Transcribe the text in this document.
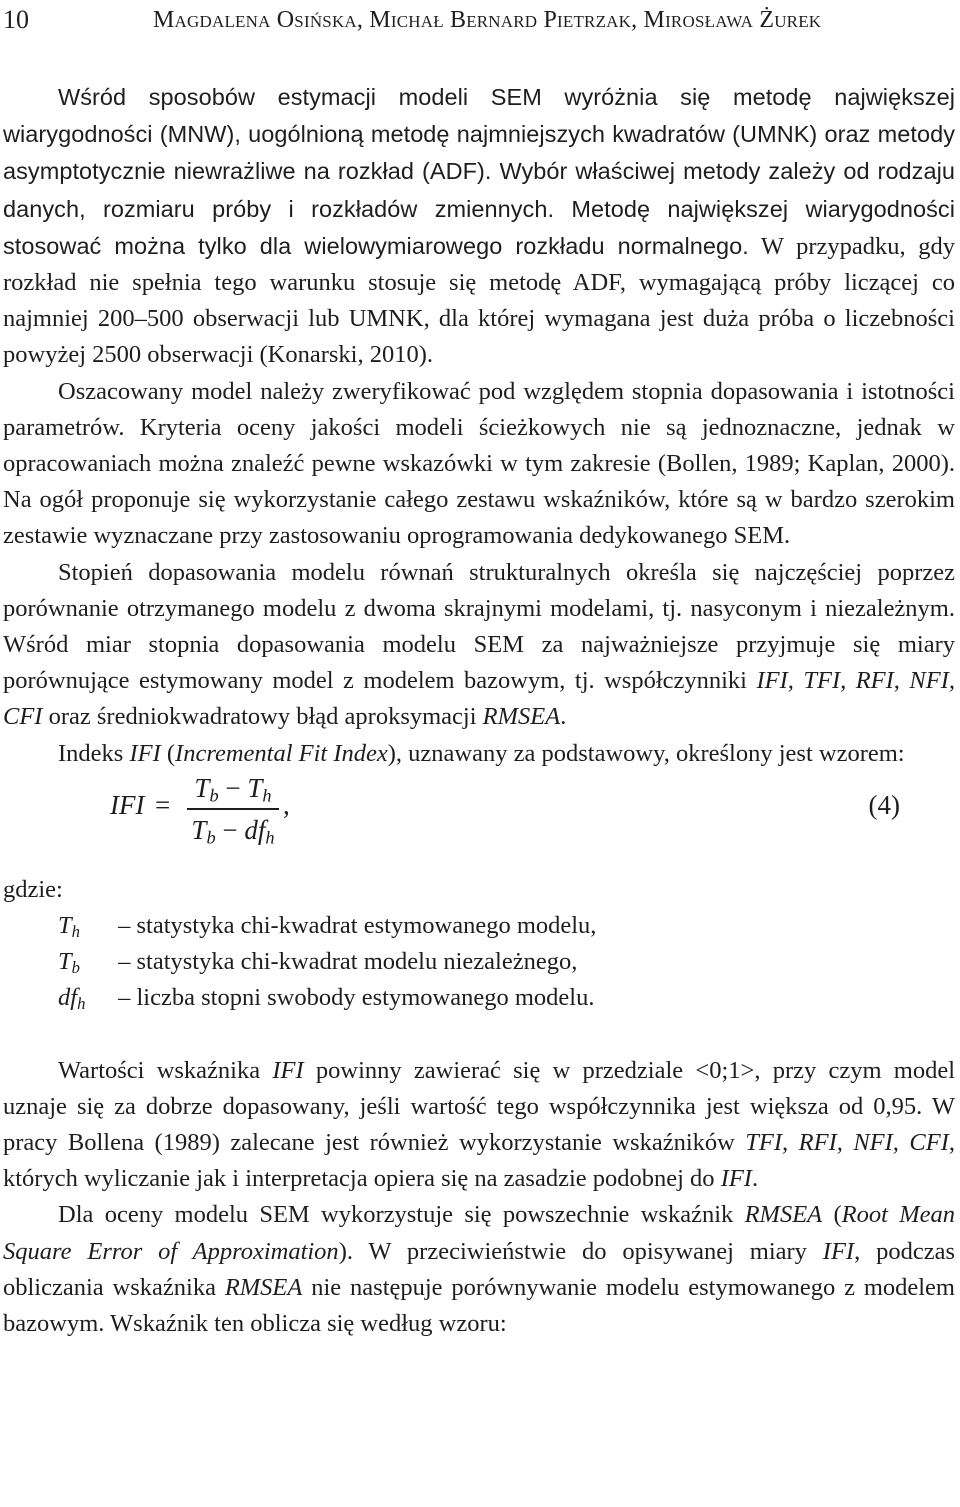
10	Magdalena Osińska, Michał Bernard Pietrzak, Mirosława Żurek

Wśród sposobów estymacji modeli SEM wyróżnia się metodę największej wiarygodności (MNW), uogólnioną metodę najmniejszych kwadratów (UMNK) oraz metody asymptotycznie niewrażliwe na rozkład (ADF). Wybór właściwej metody zależy od rodzaju danych, rozmiaru próby i rozkładów zmiennych. Metodę największej wiarygodności stosować można tylko dla wielowymiarowego rozkładu normalnego. W przypadku, gdy rozkład nie spełnia tego warunku stosuje się metodę ADF, wymagającą próby liczącej co najmniej 200–500 obserwacji lub UMNK, dla której wymagana jest duża próba o liczebności powyżej 2500 obserwacji (Konarski, 2010).

Oszacowany model należy zweryfikować pod względem stopnia dopasowania i istotności parametrów. Kryteria oceny jakości modeli ścieżkowych nie są jednoznaczne, jednak w opracowaniach można znaleźć pewne wskazówki w tym zakresie (Bollen, 1989; Kaplan, 2000). Na ogół proponuje się wykorzystanie całego zestawu wskaźników, które są w bardzo szerokim zestawie wyznaczane przy zastosowaniu oprogramowania dedykowanego SEM.

Stopień dopasowania modelu równań strukturalnych określa się najczęściej poprzez porównanie otrzymanego modelu z dwoma skrajnymi modelami, tj. nasyconym i niezależnym. Wśród miar stopnia dopasowania modelu SEM za najważniejsze przyjmuje się miary porównujące estymowany model z modelem bazowym, tj. współczynniki IFI, TFI, RFI, NFI, CFI oraz średniokwadratowy błąd aproksymacji RMSEA.

Indeks IFI (Incremental Fit Index), uznawany za podstawowy, określony jest wzorem:

IFI =
$T_b - T_h$
$T_b - df_h$
,	(4)

gdzie:

$T_h$ – statystyka chi-kwadrat estymowanego modelu,
$T_b$ – statystyka chi-kwadrat modelu niezależnego,
$df_h$ – liczba stopni swobody estymowanego modelu.

Wartości wskaźnika IFI powinny zawierać się w przedziale <0;1>, przy czym model uznaje się za dobrze dopasowany, jeśli wartość tego współczynnika jest większa od 0,95. W pracy Bollena (1989) zalecane jest również wykorzystanie wskaźników TFI, RFI, NFI, CFI, których wyliczanie jak i interpretacja opiera się na zasadzie podobnej do IFI.

Dla oceny modelu SEM wykorzystuje się powszechnie wskaźnik RMSEA (Root Mean Square Error of Approximation). W przeciwieństwie do opisywanej miary IFI, podczas obliczania wskaźnika RMSEA nie następuje porównywanie modelu estymowanego z modelem bazowym. Wskaźnik ten oblicza się według wzoru:
